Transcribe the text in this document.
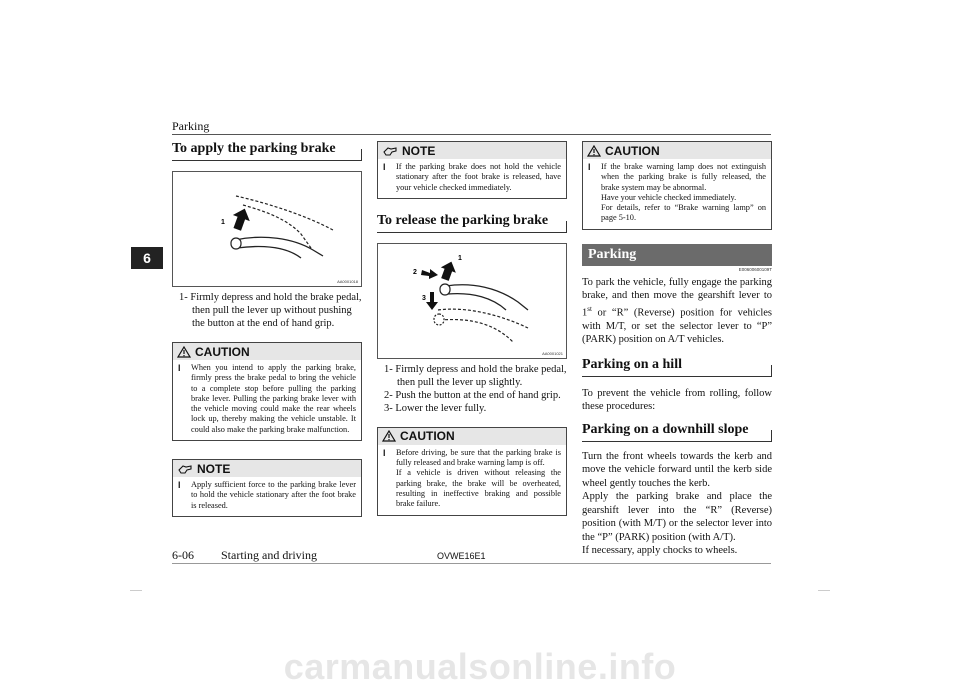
Parking
6
To apply the parking brake
1
AA0001018
1- Firmly depress and hold the brake pedal, then pull the lever up without pushing the button at the end of hand grip.
CAUTION
l	When you intend to apply the parking brake, firmly press the brake pedal to bring the vehicle to a complete stop before pulling the parking brake lever. Pulling the parking brake lever with the vehicle moving could make the rear wheels lock up, thereby making the vehicle unstable. It could also make the parking brake malfunction.
NOTE
l	Apply sufficient force to the parking brake lever to hold the vehicle stationary after the foot brake is released.
NOTE
l	If the parking brake does not hold the vehicle stationary after the foot brake is released, have your vehicle checked immediately.
To release the parking brake
1
2
3
AA0001021
1- Firmly depress and hold the brake pedal, then pull the lever up slightly.
2- Push the button at the end of hand grip.
3- Lower the lever fully.
CAUTION
l	Before driving, be sure that the parking brake is fully released and brake warning lamp is off.
If a vehicle is driven without releasing the parking brake, the brake will be overheated, resulting in ineffective braking and possible brake failure.
CAUTION
l	If the brake warning lamp does not extinguish when the parking brake is fully released, the brake system may be abnormal.
Have your vehicle checked immediately.
For details, refer to “Brake warning lamp” on page 5-10.
Parking
E00600600109T
To park the vehicle, fully engage the parking brake, and then move the gearshift lever to 1st or “R” (Reverse) position for vehicles with M/T, or set the selector lever to “P” (PARK) position on A/T vehicles.
Parking on a hill
To prevent the vehicle from rolling, follow these procedures:
Parking on a downhill slope
Turn the front wheels towards the kerb and move the vehicle forward until the kerb side wheel gently touches the kerb.
Apply the parking brake and place the gearshift lever into the “R” (Reverse) position (with M/T) or the selector lever into the “P” (PARK) position (with A/T).
If necessary, apply chocks to wheels.
6-06 Starting and driving	OVWE16E1
carmanualsonline.info
